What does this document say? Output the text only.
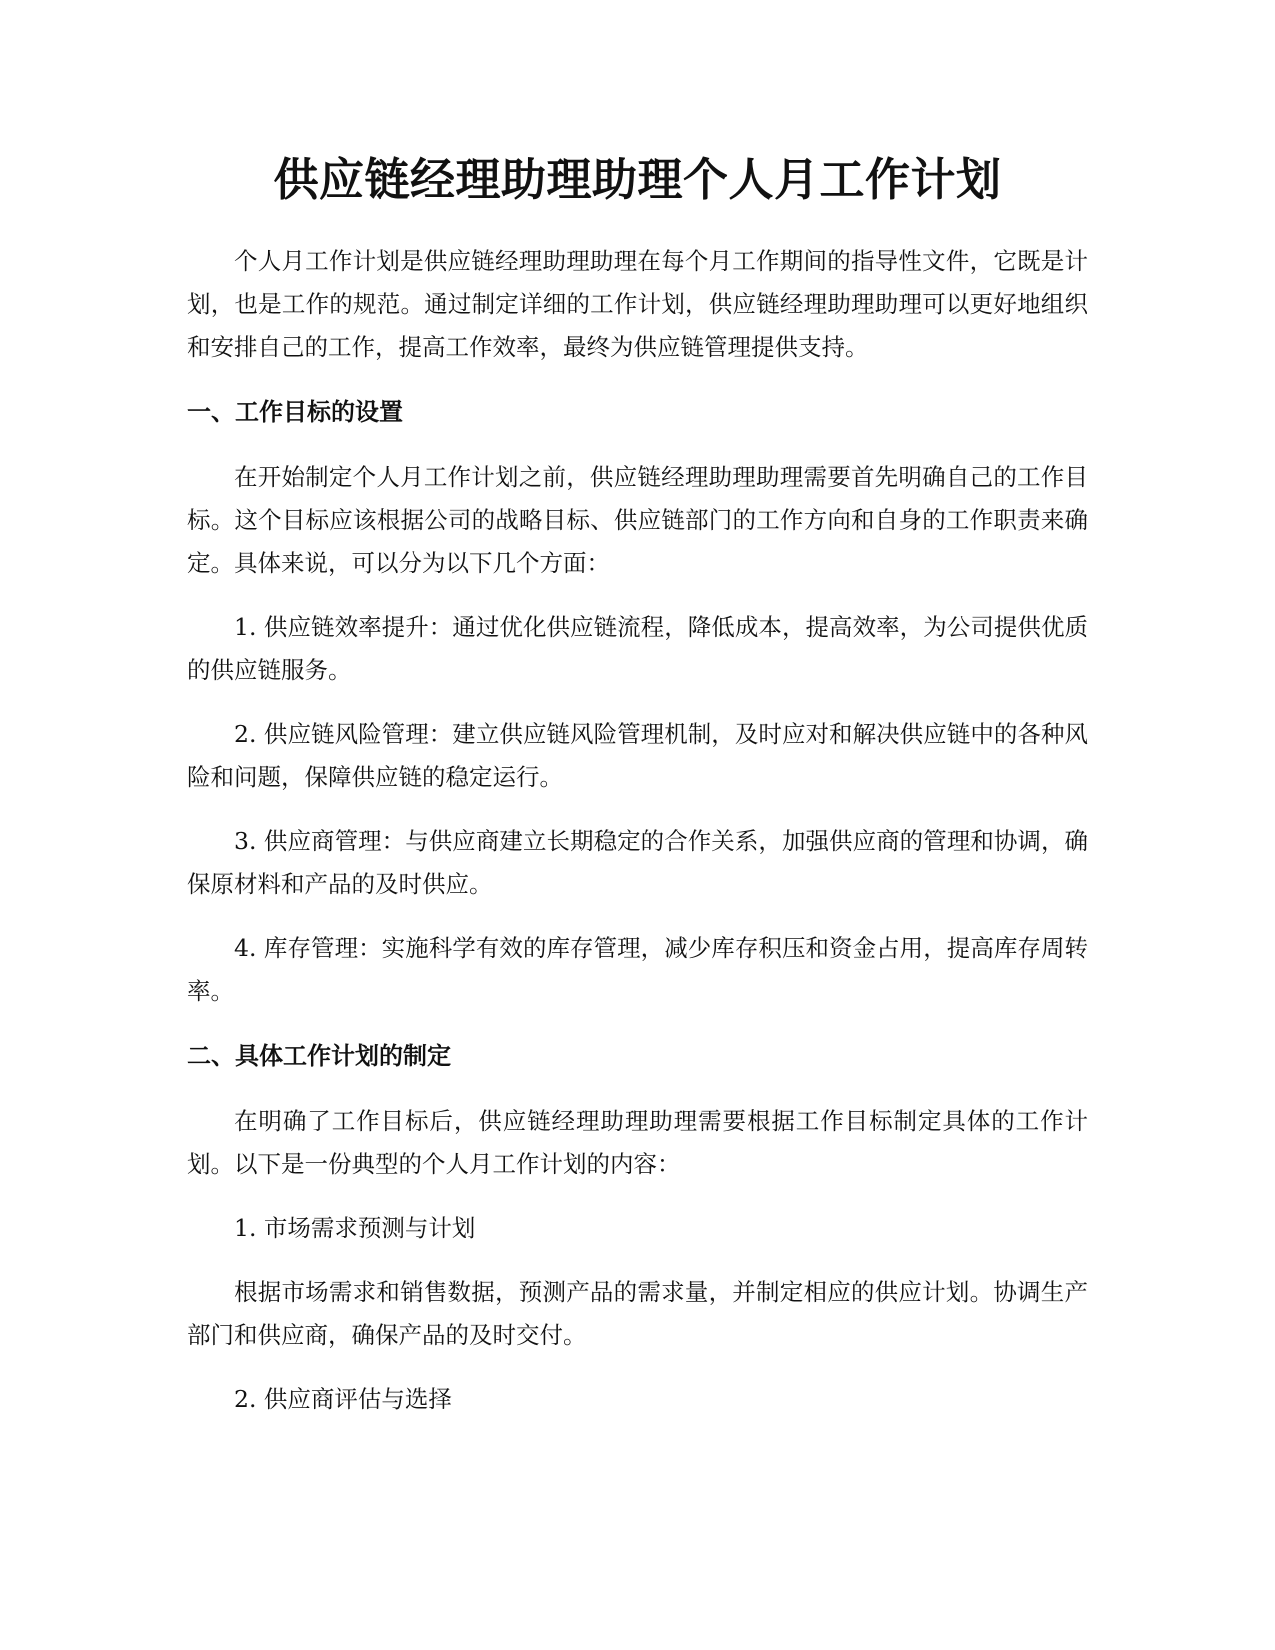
供应链经理助理助理个人月工作计划

个人月工作计划是供应链经理助理助理在每个月工作期间的指导性文件，它既是计划，也是工作的规范。通过制定详细的工作计划，供应链经理助理助理可以更好地组织和安排自己的工作，提高工作效率，最终为供应链管理提供支持。

一、工作目标的设置

在开始制定个人月工作计划之前，供应链经理助理助理需要首先明确自己的工作目标。这个目标应该根据公司的战略目标、供应链部门的工作方向和自身的工作职责来确定。具体来说，可以分为以下几个方面：

1. 供应链效率提升：通过优化供应链流程，降低成本，提高效率，为公司提供优质的供应链服务。

2. 供应链风险管理：建立供应链风险管理机制，及时应对和解决供应链中的各种风险和问题，保障供应链的稳定运行。

3. 供应商管理：与供应商建立长期稳定的合作关系，加强供应商的管理和协调，确保原材料和产品的及时供应。

4. 库存管理：实施科学有效的库存管理，减少库存积压和资金占用，提高库存周转率。

二、具体工作计划的制定

在明确了工作目标后，供应链经理助理助理需要根据工作目标制定具体的工作计划。以下是一份典型的个人月工作计划的内容：

1. 市场需求预测与计划

根据市场需求和销售数据，预测产品的需求量，并制定相应的供应计划。协调生产部门和供应商，确保产品的及时交付。

2. 供应商评估与选择
